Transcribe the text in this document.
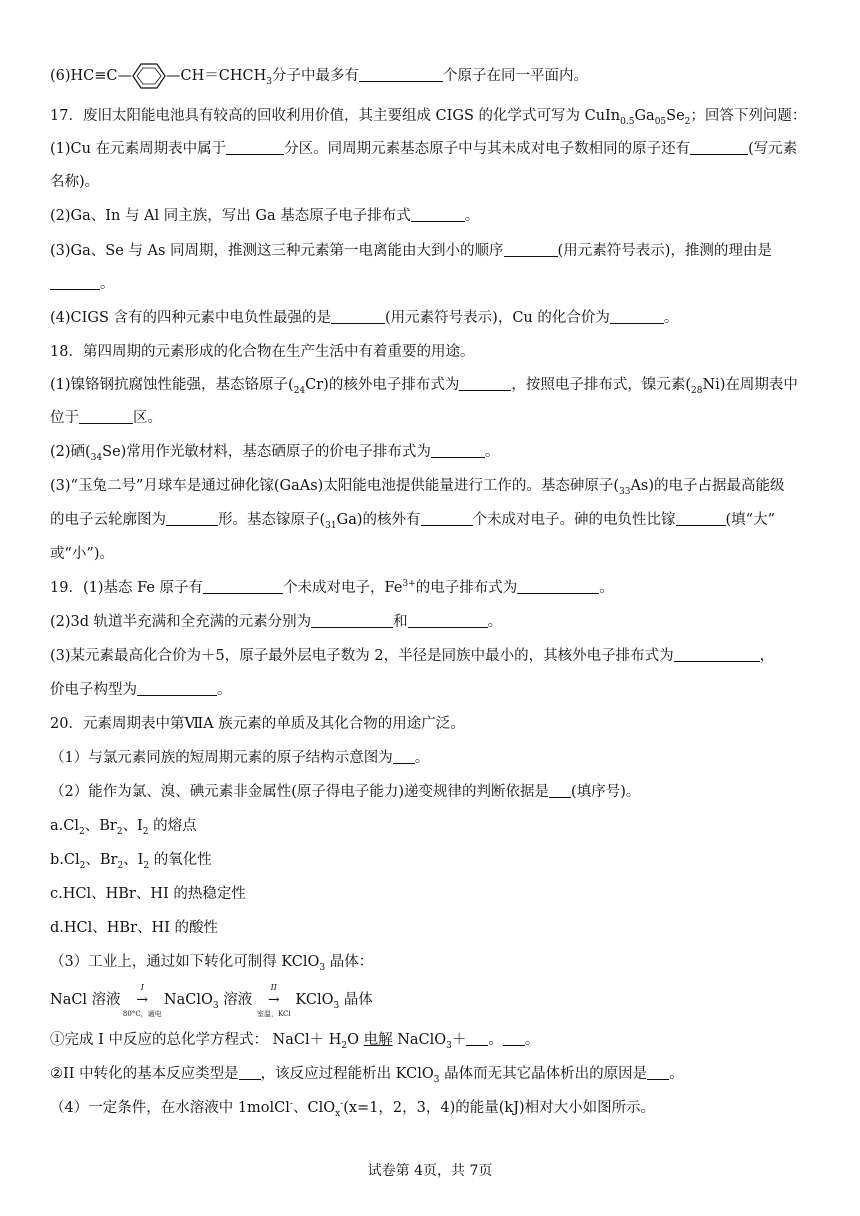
(6)HC≡C— $—CH=CHCH_3$分子中最多有	个原子在同一平面内。
17．废旧太阳能电池具有较高的回收利用价值，其主要组成 CIGS 的化学式可写为 $CuIn_{0.5}Ga_{05}Se_2$；回答下列问题：
(1)Cu 在元素周期表中属于	分区。同周期元素基态原子中与其未成对电子数相同的原子还有	(写元素
名称)。
(2)Ga、In 与 Al 同主族，写出 Ga 基态原子电子排布式	。
(3)Ga、Se 与 As 同周期，推测这三种元素第一电离能由大到小的顺序	(用元素符号表示)，推测的理由是
。
(4)CIGS 含有的四种元素中电负性最强的是	(用元素符号表示)，Cu 的化合价为	。
18．第四周期的元素形成的化合物在生产生活中有着重要的用途。
(1)镍铬钢抗腐蚀性能强，基态铬原子$(_{24}Cr)$的核外电子排布式为	，按照电子排布式，镍元素$(_{28}Ni)$在周期表中
位于	区。
(2)硒$(_{34}Se)$常用作光敏材料，基态硒原子的价电子排布式为	。
(3)“玉兔二号”月球车是通过砷化镓(GaAs)太阳能电池提供能量进行工作的。基态砷原子$(_{33}As)$的电子占据最高能级
的电子云轮廓图为	形。基态镓原子$(_{31}Ga)$的核外有	个未成对电子。砷的电负性比镓	(填“大”
或“小”)。
19．(1)基态 Fe 原子有	个未成对电子，$Fe^{3+}$的电子排布式为	。
(2)3d 轨道半充满和全充满的元素分别为	和	。
(3)某元素最高化合价为＋5，原子最外层电子数为 2，半径是同族中最小的，其核外电子排布式为	，
价电子构型为	。
20．元素周期表中第ⅦA 族元素的单质及其化合物的用途广泛。
（1）与氯元素同族的短周期元素的原子结构示意图为 。
（2）能作为氯、溴、碘元素非金属性(原子得电子能力)递变规律的判断依据是 (填序号)。
$a.Cl_2$、$Br_2$、$I_2$ 的熔点
$b.Cl_2$、$Br_2$、$I_2$ 的氧化性
c.HCl、HBr、HI 的热稳定性
d.HCl、HBr、HI 的酸性
（3）工业上，通过如下转化可制得 KClO$_3$ 晶体：
NaCl 溶液
I
→
80°C，通电
NaClO$_3$ 溶液
II
→
室温，KCl
KClO$_3$ 晶体
①完成 I 中反应的总化学方程式： NaCl＋ $H_2O$ 电解 NaClO$_3$＋ 。 。
②II 中转化的基本反应类型是 ，该反应过程能析出 KClO$_3$ 晶体而无其它晶体析出的原因是 。
（4）一定条件，在水溶液中 1molCl-、ClO$_x$-(x=1，2，3，4)的能量(kJ)相对大小如图所示。
试卷第 4页，共 7页
